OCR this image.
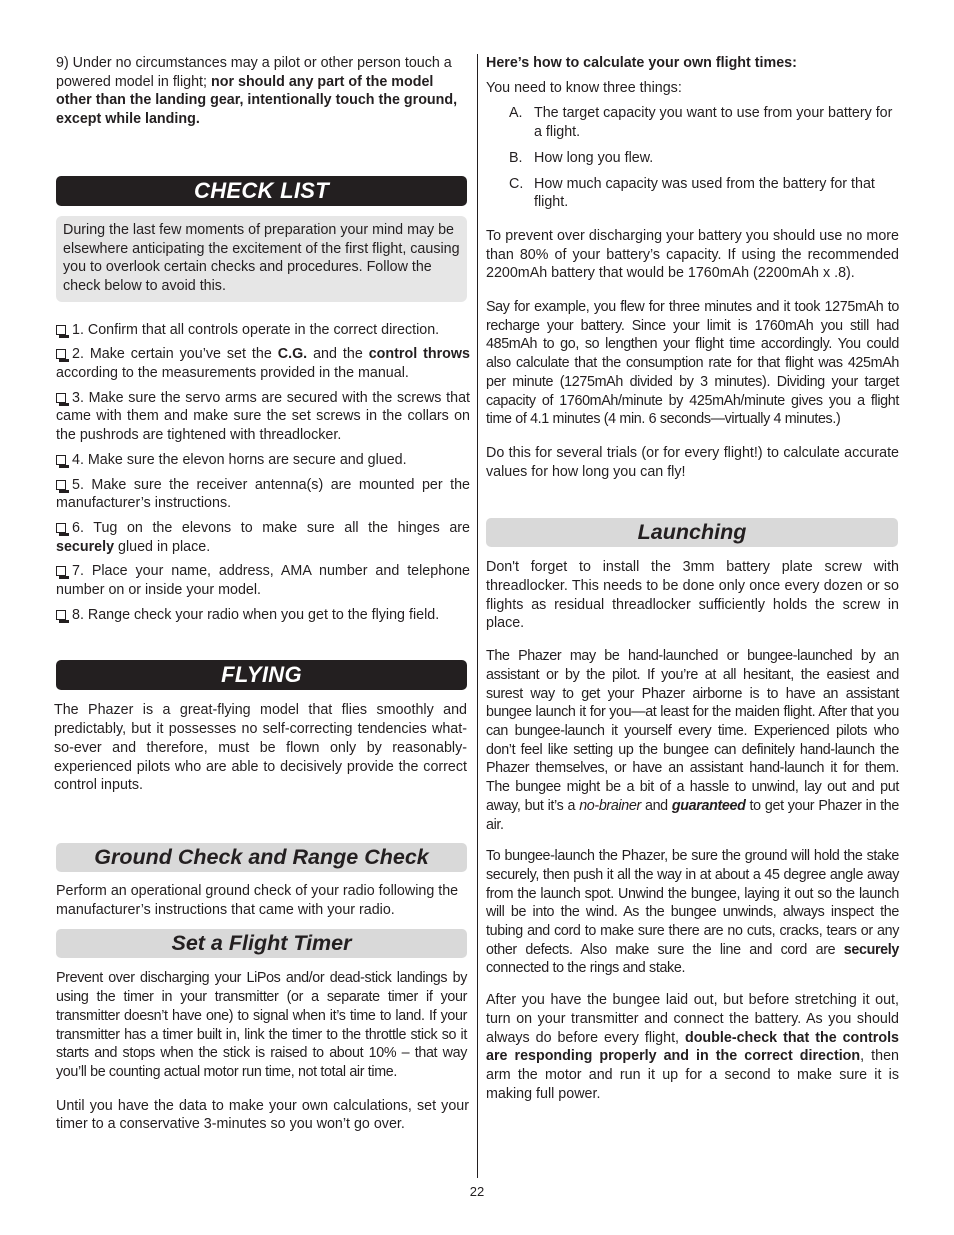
9) Under no circumstances may a pilot or other person touch a powered model in flight; nor should any part of the model other than the landing gear, intentionally touch the ground, except while landing.

CHECK LIST

During the last few moments of preparation your mind may be elsewhere anticipating the excitement of the first flight, causing you to overlook certain checks and procedures. Follow the check below to avoid this.

1. Confirm that all controls operate in the correct direction.

2. Make certain you’ve set the C.G. and the control throws according to the measurements provided in the manual.

3. Make sure the servo arms are secured with the screws that came with them and make sure the set screws in the collars on the pushrods are tightened with threadlocker.

4. Make sure the elevon horns are secure and glued.

5. Make sure the receiver antenna(s) are mounted per the manufacturer’s instructions.

6. Tug on the elevons to make sure all the hinges are securely glued in place.

7. Place your name, address, AMA number and telephone number on or inside your model.

8. Range check your radio when you get to the flying field.

FLYING

The Phazer is a great-flying model that flies smoothly and predictably, but it possesses no self-correcting tendencies what-so-ever and therefore, must be flown only by reasonably-experienced pilots who are able to decisively provide the correct control inputs.

Ground Check and Range Check

Perform an operational ground check of your radio following the manufacturer’s instructions that came with your radio.

Set a Flight Timer

Prevent over discharging your LiPos and/or dead-stick landings by using the timer in your transmitter (or a separate timer if your transmitter doesn’t have one) to signal when it’s time to land. If your transmitter has a timer built in, link the timer to the throttle stick so it starts and stops when the stick is raised to about 10% – that way you’ll be counting actual motor run time, not total air time.

Until you have the data to make your own calculations, set your timer to a conservative 3-minutes so you won’t go over.

Here’s how to calculate your own flight times:

You need to know three things:

A. The target capacity you want to use from your battery for a flight.
B. How long you flew.
C. How much capacity was used from the battery for that flight.

To prevent over discharging your battery you should use no more than 80% of your battery’s capacity. If using the recommended 2200mAh battery that would be 1760mAh (2200mAh x .8).

Say for example, you flew for three minutes and it took 1275mAh to recharge your battery. Since your limit is 1760mAh you still had 485mAh to go, so lengthen your flight time accordingly. You could also calculate that the consumption rate for that flight was 425mAh per minute (1275mAh divided by 3 minutes). Dividing your target capacity of 1760mAh/minute by 425mAh/minute gives you a flight time of 4.1 minutes (4 min. 6 seconds—virtually 4 minutes.)

Do this for several trials (or for every flight!) to calculate accurate values for how long you can fly!

Launching

Don't forget to install the 3mm battery plate screw with threadlocker. This needs to be done only once every dozen or so flights as residual threadlocker sufficiently holds the screw in place.

The Phazer may be hand-launched or bungee-launched by an assistant or by the pilot. If you’re at all hesitant, the easiest and surest way to get your Phazer airborne is to have an assistant bungee launch it for you—at least for the maiden flight. After that you can bungee-launch it yourself every time. Experienced pilots who don’t feel like setting up the bungee can definitely hand-launch the Phazer themselves, or have an assistant hand-launch it for them. The bungee might be a bit of a hassle to unwind, lay out and put away, but it’s a no-brainer and guaranteed to get your Phazer in the air.

To bungee-launch the Phazer, be sure the ground will hold the stake securely, then push it all the way in at about a 45 degree angle away from the launch spot. Unwind the bungee, laying it out so the launch will be into the wind. As the bungee unwinds, always inspect the tubing and cord to make sure there are no cuts, cracks, tears or any other defects. Also make sure the line and cord are securely connected to the rings and stake.

After you have the bungee laid out, but before stretching it out, turn on your transmitter and connect the battery. As you should always do before every flight, double-check that the controls are responding properly and in the correct direction, then arm the motor and run it up for a second to make sure it is making full power.

22
